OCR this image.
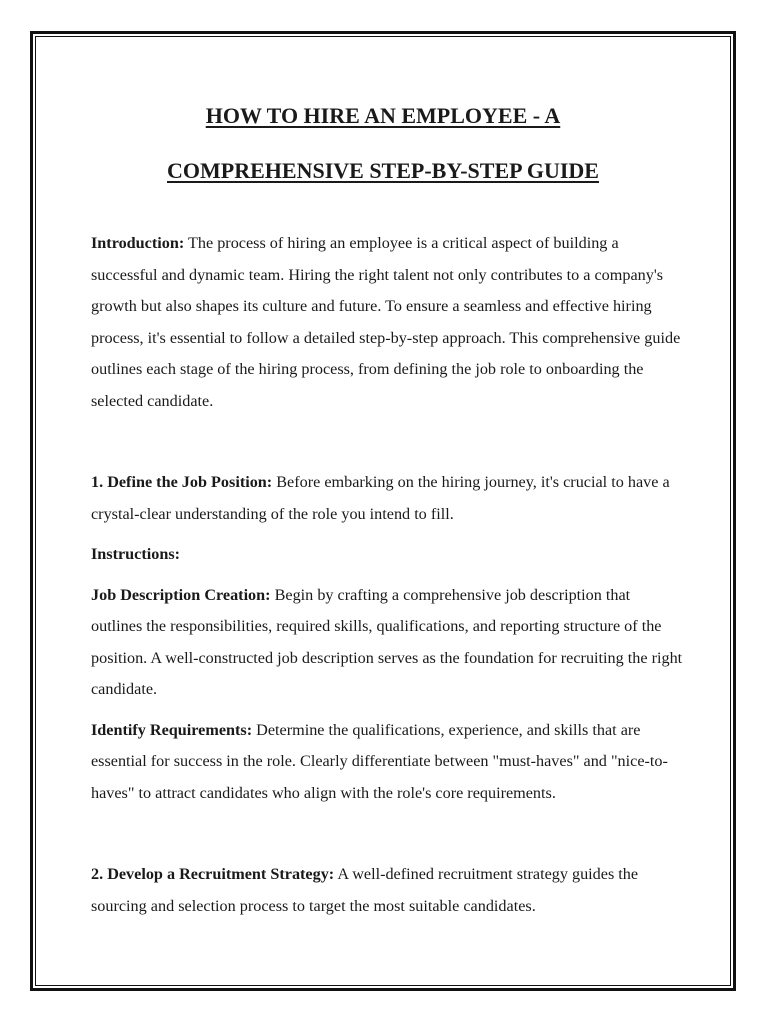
HOW TO HIRE AN EMPLOYEE - A
COMPREHENSIVE STEP-BY-STEP GUIDE

Introduction: The process of hiring an employee is a critical aspect of building a successful and dynamic team. Hiring the right talent not only contributes to a company's growth but also shapes its culture and future. To ensure a seamless and effective hiring process, it's essential to follow a detailed step-by-step approach. This comprehensive guide outlines each stage of the hiring process, from defining the job role to onboarding the selected candidate.

1. Define the Job Position: Before embarking on the hiring journey, it's crucial to have a crystal-clear understanding of the role you intend to fill.

Instructions:

Job Description Creation: Begin by crafting a comprehensive job description that outlines the responsibilities, required skills, qualifications, and reporting structure of the position. A well-constructed job description serves as the foundation for recruiting the right candidate.

Identify Requirements: Determine the qualifications, experience, and skills that are essential for success in the role. Clearly differentiate between "must-haves" and "nice-to-haves" to attract candidates who align with the role's core requirements.

2. Develop a Recruitment Strategy: A well-defined recruitment strategy guides the sourcing and selection process to target the most suitable candidates.
